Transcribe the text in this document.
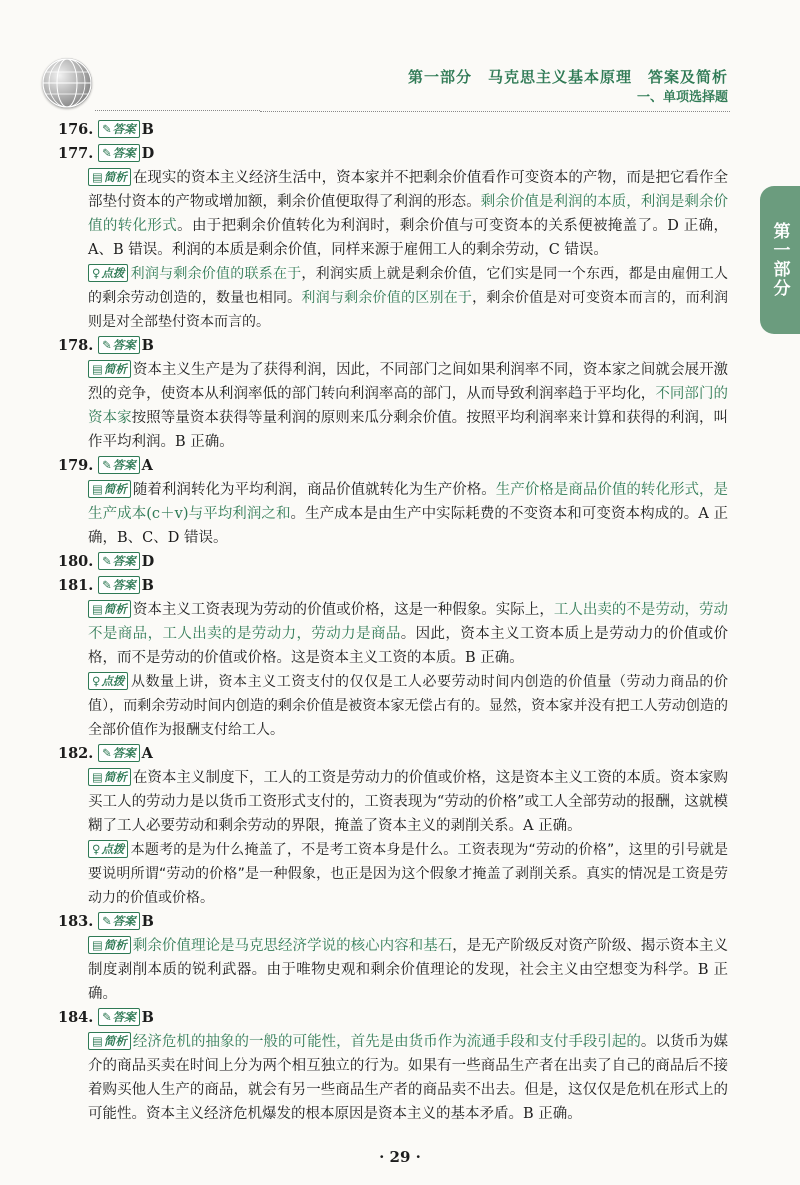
第一部分　马克思主义基本原理　答案及简析
一、单项选择题
第一部分
176. ✎答案 B
177. ✎答案 D

▤简析 在现实的资本主义经济生活中，资本家并不把剩余价值看作可变资本的产物，而是把它看作全部垫付资本的产物或增加额，剩余价值便取得了利润的形态。剩余价值是利润的本质，利润是剩余价值的转化形式。由于把剩余价值转化为利润时，剩余价值与可变资本的关系便被掩盖了。D 正确，A、B 错误。利润的本质是剩余价值，同样来源于雇佣工人的剩余劳动，C 错误。

♀点拨 利润与剩余价值的联系在于，利润实质上就是剩余价值，它们实是同一个东西，都是由雇佣工人的剩余劳动创造的，数量也相同。利润与剩余价值的区别在于，剩余价值是对可变资本而言的，而利润则是对全部垫付资本而言的。

178. ✎答案 B

▤简析 资本主义生产是为了获得利润，因此，不同部门之间如果利润率不同，资本家之间就会展开激烈的竞争，使资本从利润率低的部门转向利润率高的部门，从而导致利润率趋于平均化，不同部门的资本家按照等量资本获得等量利润的原则来瓜分剩余价值。按照平均利润率来计算和获得的利润，叫作平均利润。B 正确。

179. ✎答案 A

▤简析 随着利润转化为平均利润，商品价值就转化为生产价格。生产价格是商品价值的转化形式，是生产成本(c＋v)与平均利润之和。生产成本是由生产中实际耗费的不变资本和可变资本构成的。A 正确，B、C、D 错误。

180. ✎答案 D
181. ✎答案 B

▤简析 资本主义工资表现为劳动的价值或价格，这是一种假象。实际上，工人出卖的不是劳动，劳动不是商品，工人出卖的是劳动力，劳动力是商品。因此，资本主义工资本质上是劳动力的价值或价格，而不是劳动的价值或价格。这是资本主义工资的本质。B 正确。

♀点拨 从数量上讲，资本主义工资支付的仅仅是工人必要劳动时间内创造的价值量（劳动力商品的价值），而剩余劳动时间内创造的剩余价值是被资本家无偿占有的。显然，资本家并没有把工人劳动创造的全部价值作为报酬支付给工人。

182. ✎答案 A

▤简析 在资本主义制度下，工人的工资是劳动力的价值或价格，这是资本主义工资的本质。资本家购买工人的劳动力是以货币工资形式支付的，工资表现为“劳动的价格”或工人全部劳动的报酬，这就模糊了工人必要劳动和剩余劳动的界限，掩盖了资本主义的剥削关系。A 正确。

♀点拨 本题考的是为什么掩盖了，不是考工资本身是什么。工资表现为“劳动的价格”，这里的引号就是要说明所谓“劳动的价格”是一种假象，也正是因为这个假象才掩盖了剥削关系。真实的情况是工资是劳动力的价值或价格。

183. ✎答案 B

▤简析 剩余价值理论是马克思经济学说的核心内容和基石，是无产阶级反对资产阶级、揭示资本主义制度剥削本质的锐利武器。由于唯物史观和剩余价值理论的发现，社会主义由空想变为科学。B 正确。

184. ✎答案 B

▤简析 经济危机的抽象的一般的可能性，首先是由货币作为流通手段和支付手段引起的。以货币为媒介的商品买卖在时间上分为两个相互独立的行为。如果有一些商品生产者在出卖了自己的商品后不接着购买他人生产的商品，就会有另一些商品生产者的商品卖不出去。但是，这仅仅是危机在形式上的可能性。资本主义经济危机爆发的根本原因是资本主义的基本矛盾。B 正确。

· 29 ·
